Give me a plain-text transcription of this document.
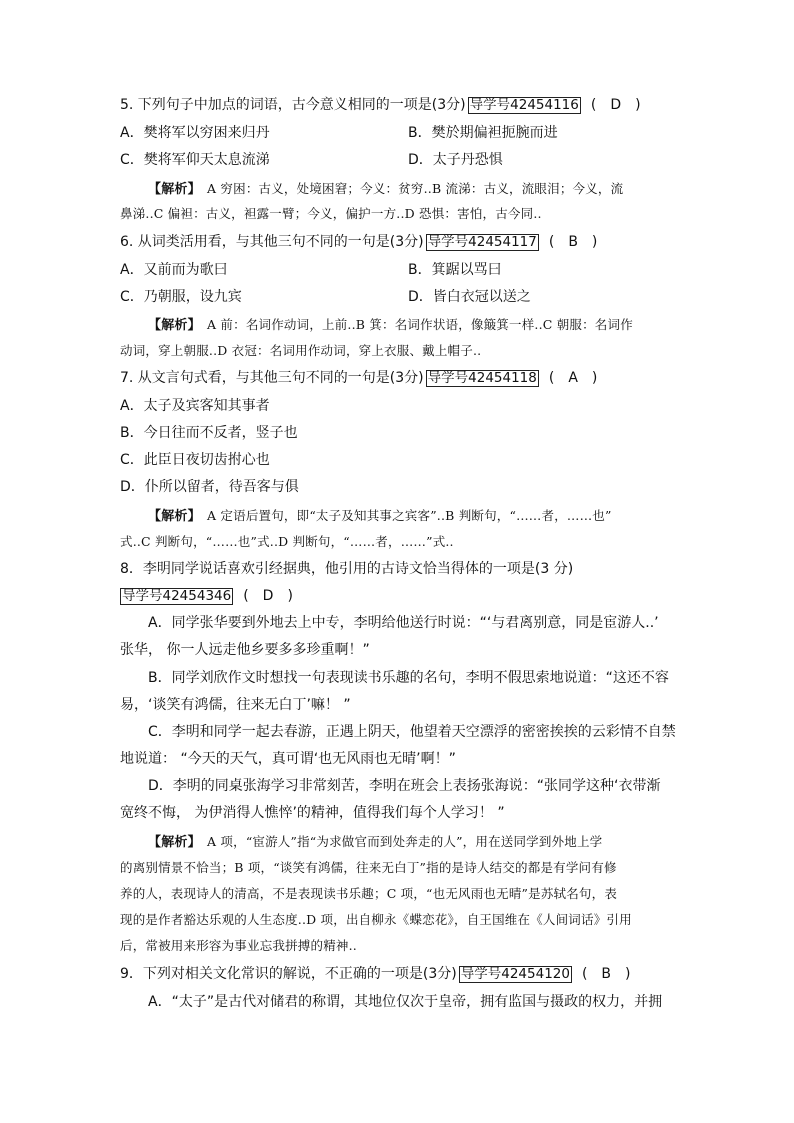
5. 下列句子中加点的词语，古今意义相同的一项是(3分) 导学号42454116 (　D　)
A．樊将军以穷困来归丹	B．樊於期偏袒扼腕而进
C．樊将军仰天太息流涕	D．太子丹恐惧
【解析】　 A 穷困：古义，处境困窘；今义：贫穷..B 流涕：古义，流眼泪；今义，流
鼻涕..C 偏袒：古义，袒露一臂；今义，偏护一方..D 恐惧：害怕，古今同..
6. 从词类活用看，与其他三句不同的一句是(3分) 导学号42454117 (　B　)
A．又前而为歌曰	B．箕踞以骂曰
C．乃朝服，设九宾	D．皆白衣冠以送之
【解析】　 A 前：名词作动词，上前..B 箕：名词作状语，像簸箕一样..C 朝服：名词作
动词，穿上朝服..D 衣冠：名词用作动词，穿上衣服、戴上帽子..
7. 从文言句式看，与其他三句不同的一句是(3分) 导学号42454118 (　A　)
A．太子及宾客知其事者
B．今日往而不反者，竖子也
C．此臣日夜切齿拊心也
D．仆所以留者，待吾客与俱
【解析】　 A 定语后置句，即“太子及知其事之宾客”..B 判断句，“……者，……也”
式..C 判断句，“……也”式..D 判断句，“……者，……”式..
8．李明同学说话喜欢引经据典，他引用的古诗文恰当得体的一项是(3 分)
导学号42454346 (　D　)
A．同学张华要到外地去上中专，李明给他送行时说：“‘与君离别意，同是宦游人..’
张华， 你一人远走他乡要多多珍重啊！”
B．同学刘欣作文时想找一句表现读书乐趣的名句，李明不假思索地说道：“这还不容
易，‘谈笑有鸿儒，往来无白丁’嘛！ ”
C．李明和同学一起去春游，正遇上阴天，他望着天空漂浮的密密挨挨的云彩情不自禁
地说道： “今天的天气，真可谓‘也无风雨也无晴’啊！”
D．李明的同桌张海学习非常刻苦，李明在班会上表扬张海说：“张同学这种‘衣带渐
宽终不悔， 为伊消得人憔悴’的精神，值得我们每个人学习！ ”
【解析】　 A 项，“宦游人”指“为求做官而到处奔走的人”，用在送同学到外地上学
的离别情景不恰当；B 项，“谈笑有鸿儒，往来无白丁”指的是诗人结交的都是有学问有修
养的人，表现诗人的清高，不是表现读书乐趣；C 项，“也无风雨也无晴”是苏轼名句，表
现的是作者豁达乐观的人生态度..D 项，出自柳永《蝶恋花》，自王国维在《人间词话》引用
后，常被用来形容为事业忘我拼搏的精神..
9．下列对相关文化常识的解说，不正确的一项是(3分) 导学号42454120 (　B　)
A．“太子”是古代对储君的称谓，其地位仅次于皇帝，拥有监国与摄政的权力，并拥
